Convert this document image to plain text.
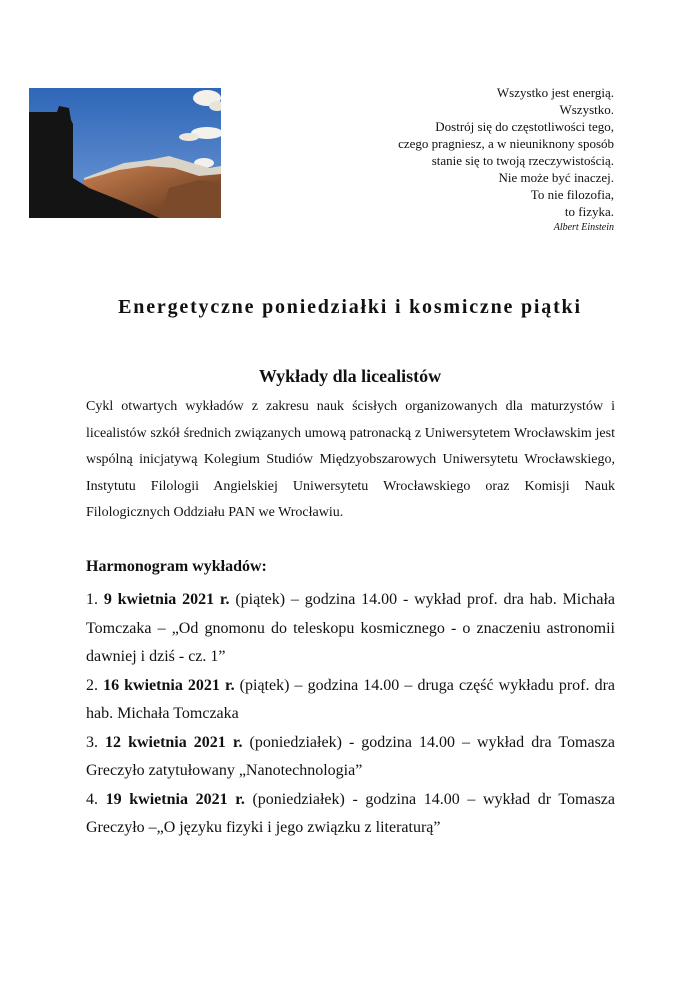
Wszystko jest energią.
Wszystko.
Dostrój się do częstotliwości tego,
czego pragniesz, a w nieuniknony sposób
stanie się to twoją rzeczywistością.
Nie może być inaczej.
To nie filozofia,
to fizyka.
Albert Einstein
Energetyczne poniedziałki i kosmiczne piątki
Wykłady dla licealistów
Cykl otwartych wykładów z zakresu nauk ścisłych organizowanych dla maturzystów i licealistów szkół średnich związanych umową patronacką z Uniwersytetem Wrocławskim jest wspólną inicjatywą Kolegium Studiów Międzyobszarowych Uniwersytetu Wrocławskiego, Instytutu Filologii Angielskiej Uniwersytetu Wrocławskiego oraz Komisji Nauk Filologicznych Oddziału PAN we Wrocławiu.
Harmonogram wykładów:

1. 9 kwietnia 2021 r. (piątek) – godzina 14.00 - wykład prof. dra hab. Michała Tomczaka – „Od gnomonu do teleskopu kosmicznego - o znaczeniu astronomii dawniej i dziś - cz. 1”

2. 16 kwietnia 2021 r. (piątek) – godzina 14.00 – druga część wykładu prof. dra hab. Michała Tomczaka

3. 12 kwietnia 2021 r. (poniedziałek) - godzina 14.00 – wykład dra Tomasza Greczyło zatytułowany „Nanotechnologia”

4. 19 kwietnia 2021 r. (poniedziałek) - godzina 14.00 – wykład dr Tomasza Greczyło –„O języku fizyki i jego związku z literaturą”
